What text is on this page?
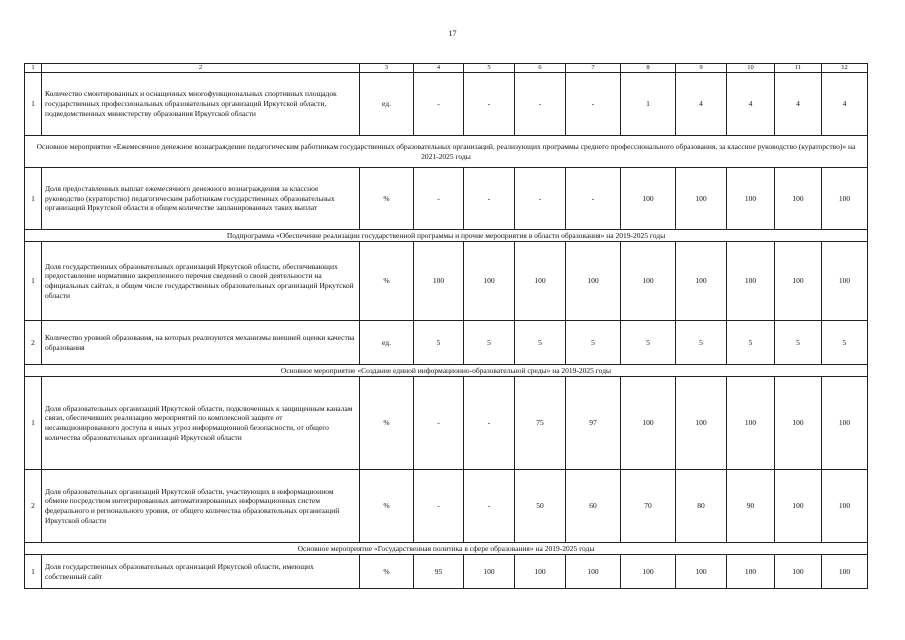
17
1	2	3	4	5	6	7	8	9	10	11	12
1	Количество смонтированных и оснащенных многофункциональных спортивных площадок государственных профессиональных образовательных организаций Иркутской области, подведомственных министерству образования Иркутской области	ед.	-	-	-	-	1	4	4	4	4
Основное мероприятие «Ежемесячное денежное вознаграждение педагогическим работникам государственных образовательных организаций, реализующих программы среднего профессионального образования, за классное руководство (кураторство)» на 2021-2025 годы											
1	Доля предоставленных выплат ежемесячного денежного вознаграждения за классное руководство (кураторство) педагогическим работникам государственных образовательных организаций Иркутской области в общем количестве запланированных таких выплат	%	-	-	-	-	100	100	100	100	100
Подпрограмма «Обеспечение реализации государственной программы и прочие мероприятия в области образования» на 2019-2025 годы											
1	Доля государственных образовательных организаций Иркутской области, обеспечивающих предоставление нормативно закрепленного перечня сведений о своей деятельности на официальных сайтах, в общем числе государственных образовательных организаций Иркутской области	%	100	100	100	100	100	100	100	100	100
2	Количество уровней образования, на которых реализуются механизмы внешней оценки качества образования	ед.	5	5	5	5	5	5	5	5	5
Основное мероприятие «Создание единой информационно-образовательной среды» на 2019-2025 годы											
1	Доля образовательных организаций Иркутской области, подключенных к защищенным каналам связи, обеспечивших реализацию мероприятий по комплексной защите от несанкционированного доступа и иных угроз информационной безопасности, от общего количества образовательных организаций Иркутской области	%	-	-	75	97	100	100	100	100	100
2	Доля образовательных организаций Иркутской области, участвующих в информационном обмене посредством интегрированных автоматизированных информационных систем федерального и регионального уровня, от общего количества образовательных организаций Иркутской области	%	-	-	50	60	70	80	90	100	100
Основное мероприятие «Государственная политика в сфере образования» на 2019-2025 годы											
1	Доля государственных образовательных организаций Иркутской области, имеющих собственный сайт	%	95	100	100	100	100	100	100	100	100
